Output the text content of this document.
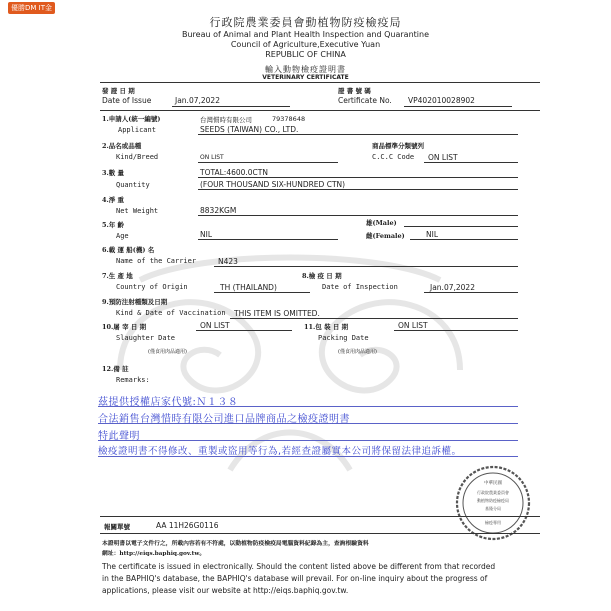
優勝DM IT金
行政院農業委員會動植物防疫檢疫局
Bureau of Animal and Plant Health Inspection and Quarantine
Council of Agriculture,Executive Yuan
REPUBLIC OF CHINA
輸入動物檢疫證明書
VETERINARY CERTIFICATE
發 證 日 期
Date of Issue	Jan.07,2022
證 書 號 碼
Certificate No. VP402010028902
1.申請人(統一編號)
Applicant
台灣慣時有限公司	79378648
SEEDS (TAIWAN) CO., LTD.
2.品名或品種
Kind/Breed	ON LIST
商品標準分類號列
C.C.C Code ON LIST
3.數 量
Quantity
TOTAL:4600.0CTN
(FOUR THOUSAND SIX-HUNDRED CTN)
4.淨 重
Net Weight	8832KGM
5.年 齡
Age	NIL
雄(Male)
雌(Female)	NIL
6.載 運 船(機) 名
Name of the Carrier	N423
7.生 產 地
Country of Origin	TH (THAILAND)
8.檢 疫 日 期
Date of Inspection	Jan.07,2022
9.預防注射種類及日期
Kind & Date of Vaccination THIS ITEM IS OMITTED.
10.屠 宰 日 期	ON LIST
Slaughter Date
(僅食用肉品適用)
11.包 裝 日 期	ON LIST
Packing Date
(僅食用肉品適用)
12.備 註
Remarks:
茲提供授權店家代號:Ｎ１３８
合法銷售台灣惜時有限公司進口品牌商品之檢疫證明書
特此聲明
檢疫證明書不得修改、重製或盜用等行為,若經查證屬實本公司將保留法律追訴權。
中華民國
行政院農業委員會
動植物防疫檢疫局
基隆分局
檢疫專用
報關單號	AA 11H26G0116
本證明書以電子文件行之，所載內容若有不符處，以動植物防疫檢疫局電腦資料紀錄為主，查詢根驗資料
網址：http://eiqs.baphiq.gov.tw。
The certificate is issued in electronically. Should the content listed above be different from that recorded
in the BAPHIQ's database, the BAPHIQ's database will prevail. For on-line inquiry about the progress of
applications, please visit our website at http://eiqs.baphiq.gov.tw.
